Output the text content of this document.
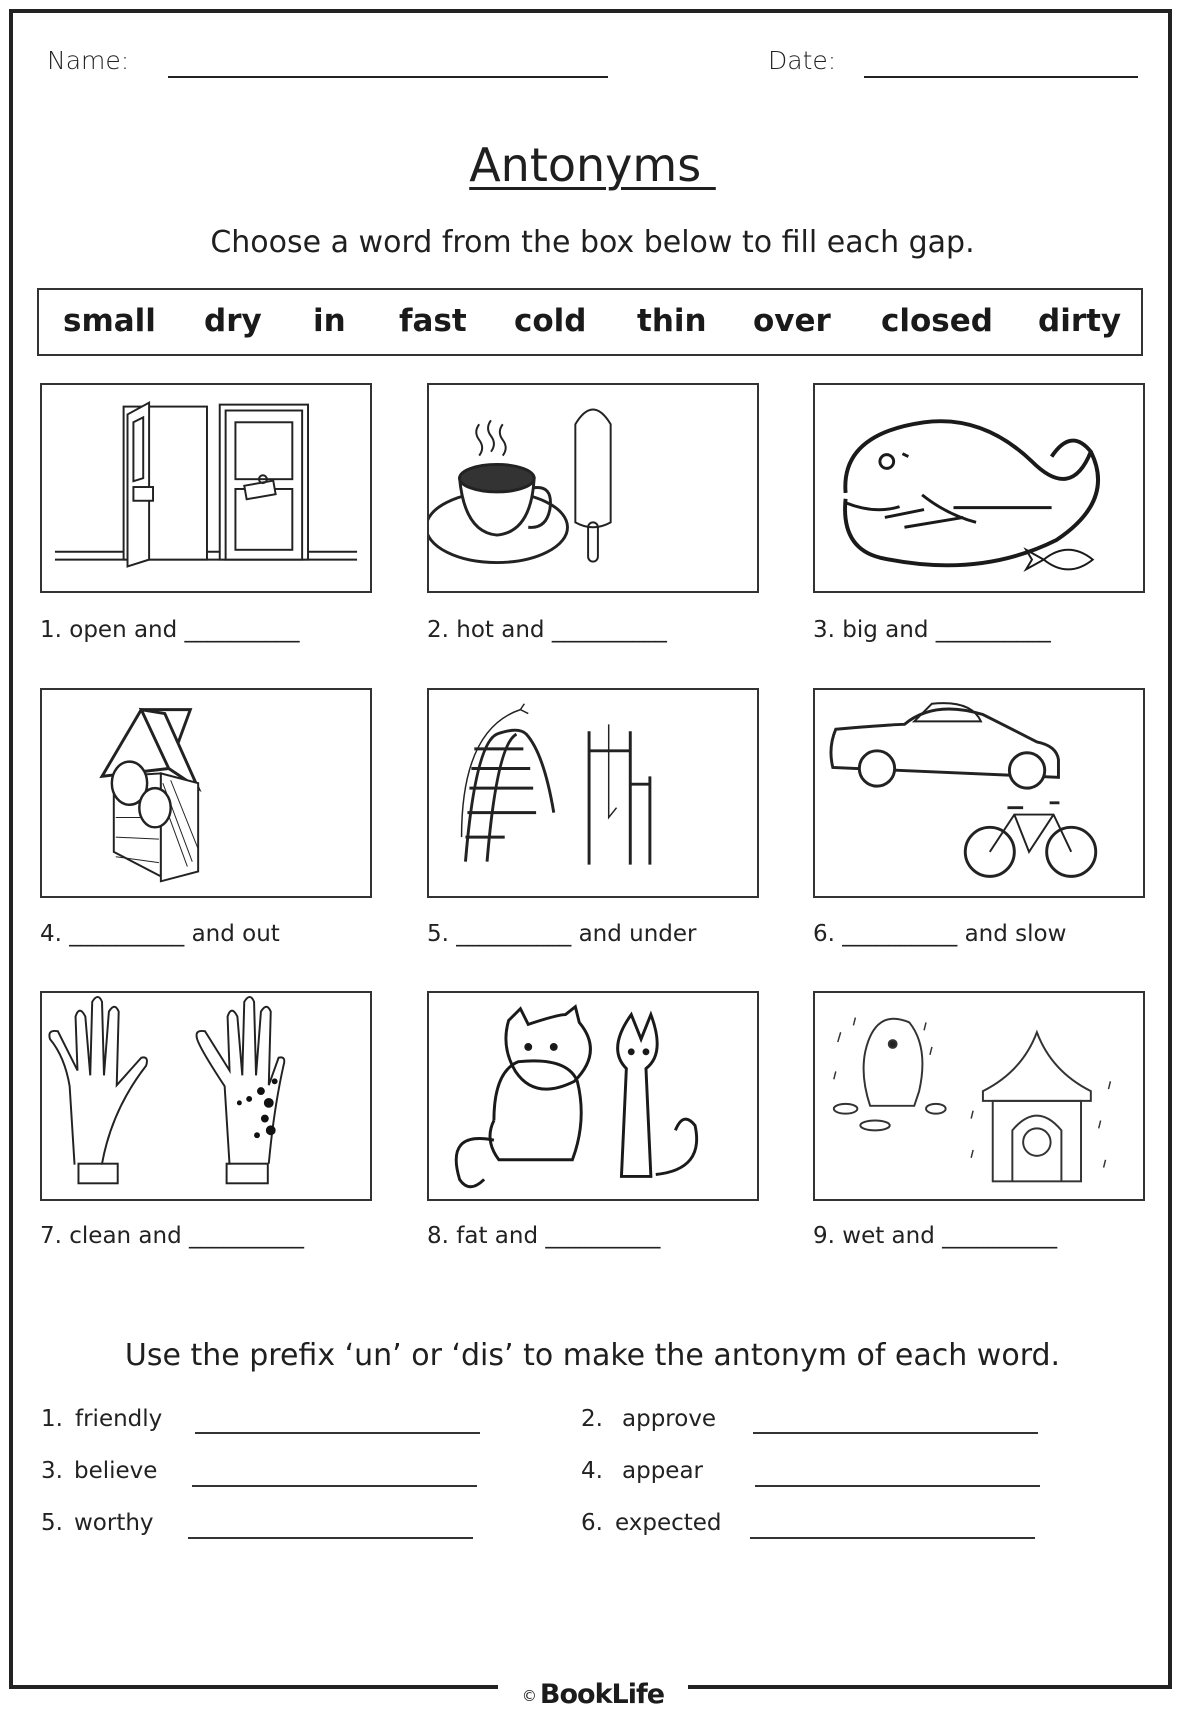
Name:	Date:
Antonyms
Choose a word from the box below to fill each gap.
small dry in fast cold thin over closed dirty
1. open and __________	2. hot and __________	3. big and __________
4. __________ and out	5. __________ and under	6. __________ and slow
7. clean and __________	8. fat and __________	9. wet and __________
Use the prefix ‘un’ or ‘dis’ to make the antonym of each word.
1. friendly	2. approve
3. believe	4. appear
5. worthy	6. expected
© BookLife
